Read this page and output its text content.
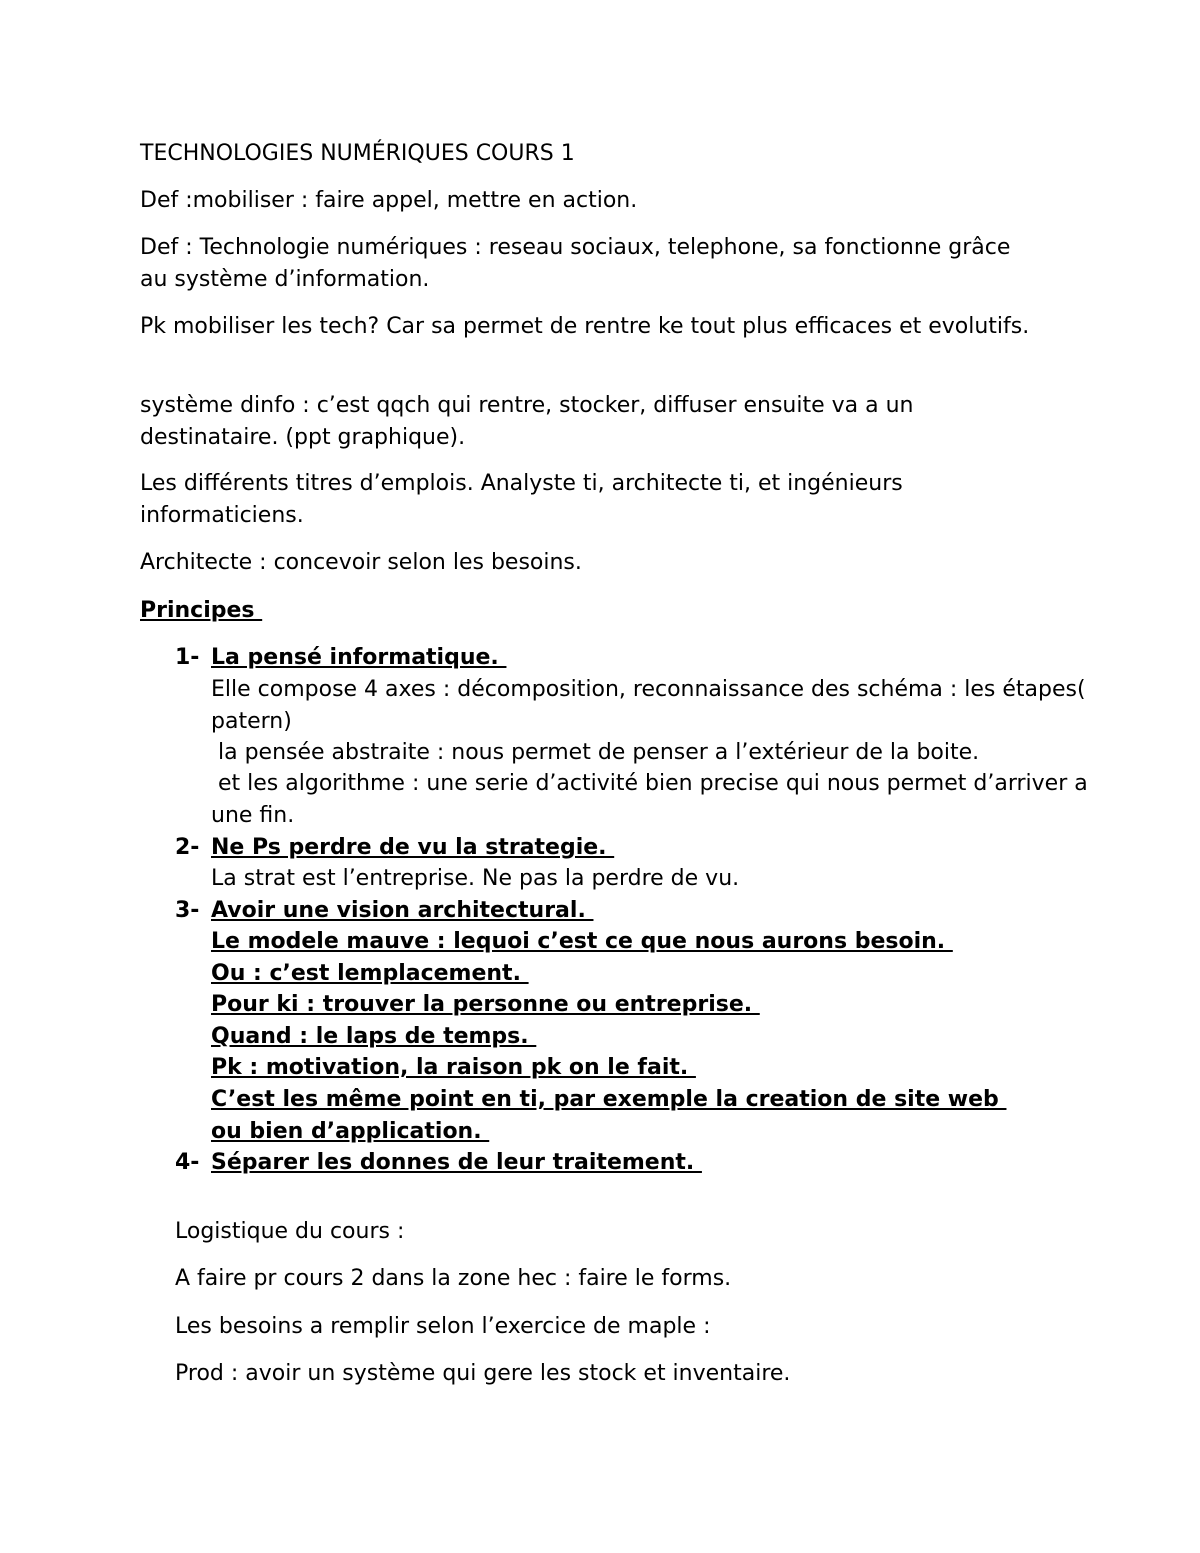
TECHNOLOGIES NUMÉRIQUES COURS 1

Def :mobiliser : faire appel, mettre en action.

Def : Technologie numériques : reseau sociaux, telephone, sa fonctionne grâce au système d’information.

Pk mobiliser les tech? Car sa permet de rentre ke tout plus efficaces et evolutifs.

système dinfo : c’est qqch qui rentre, stocker, diffuser ensuite va a un destinataire. (ppt graphique).

Les différents titres d’emplois. Analyste ti, architecte ti, et ingénieurs informaticiens.

Architecte : concevoir selon les besoins.

Principes

1- La pensé informatique.

Elle compose 4 axes : décomposition, reconnaissance des schéma : les étapes( patern)

la pensée abstraite : nous permet de penser a l’extérieur de la boite.

et les algorithme : une serie d’activité bien precise qui nous permet d’arriver a une fin.

2- Ne Ps perdre de vu la strategie.

La strat est l’entreprise. Ne pas la perdre de vu.

3- Avoir une vision architectural.

Le modele mauve : lequoi c’est ce que nous aurons besoin.

Ou : c’est lemplacement.

Pour ki : trouver la personne ou entreprise.

Quand : le laps de temps.

Pk : motivation, la raison pk on le fait.

C’est les même point en ti, par exemple la creation de site web

ou bien d’application.

4- Séparer les donnes de leur traitement.

Logistique du cours :

A faire pr cours 2 dans la zone hec : faire le forms.

Les besoins a remplir selon l’exercice de maple :

Prod : avoir un système qui gere les stock et inventaire.
